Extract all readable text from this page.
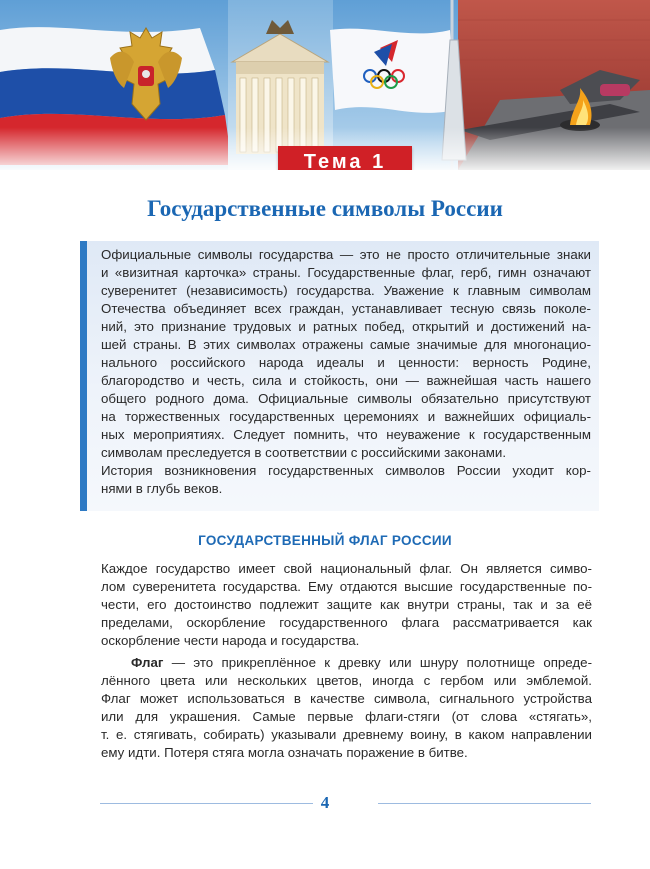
Тема 1
Государственные символы России
Официальные символы государства — это не просто отличительные знаки
и «визитная карточка» страны. Государственные флаг, герб, гимн означают
суверенитет (независимость) государства. Уважение к главным символам
Отечества объединяет всех граждан, устанавливает тесную связь поколе-
ний, это признание трудовых и ратных побед, открытий и достижений на-
шей страны. В этих символах отражены самые значимые для многонацио-
нального российского народа идеалы и ценности: верность Родине,
благородство и честь, сила и стойкость, они — важнейшая часть нашего
общего родного дома. Официальные символы обязательно присутствуют
на торжественных государственных церемониях и важнейших официаль-
ных мероприятиях. Следует помнить, что неуважение к государственным
символам преследуется в соответствии с российскими законами.
История возникновения государственных символов России уходит кор-
нями в глубь веков.
ГОСУДАРСТВЕННЫЙ ФЛАГ РОССИИ
Каждое государство имеет свой национальный флаг. Он является симво-
лом суверенитета государства. Ему отдаются высшие государственные по-
чести, его достоинство подлежит защите как внутри страны, так и за её
пределами, оскорбление государственного флага рассматривается как
оскорбление чести народа и государства.
Флаг — это прикреплённое к древку или шнуру полотнище опреде-
лённого цвета или нескольких цветов, иногда с гербом или эмблемой.
Флаг может использоваться в качестве символа, сигнального устройства
или для украшения. Самые первые флаги-стяги (от слова «стягать»,
т. е. стягивать, собирать) указывали древнему воину, в каком направлении
ему идти. Потеря стяга могла означать поражение в битве.
4
